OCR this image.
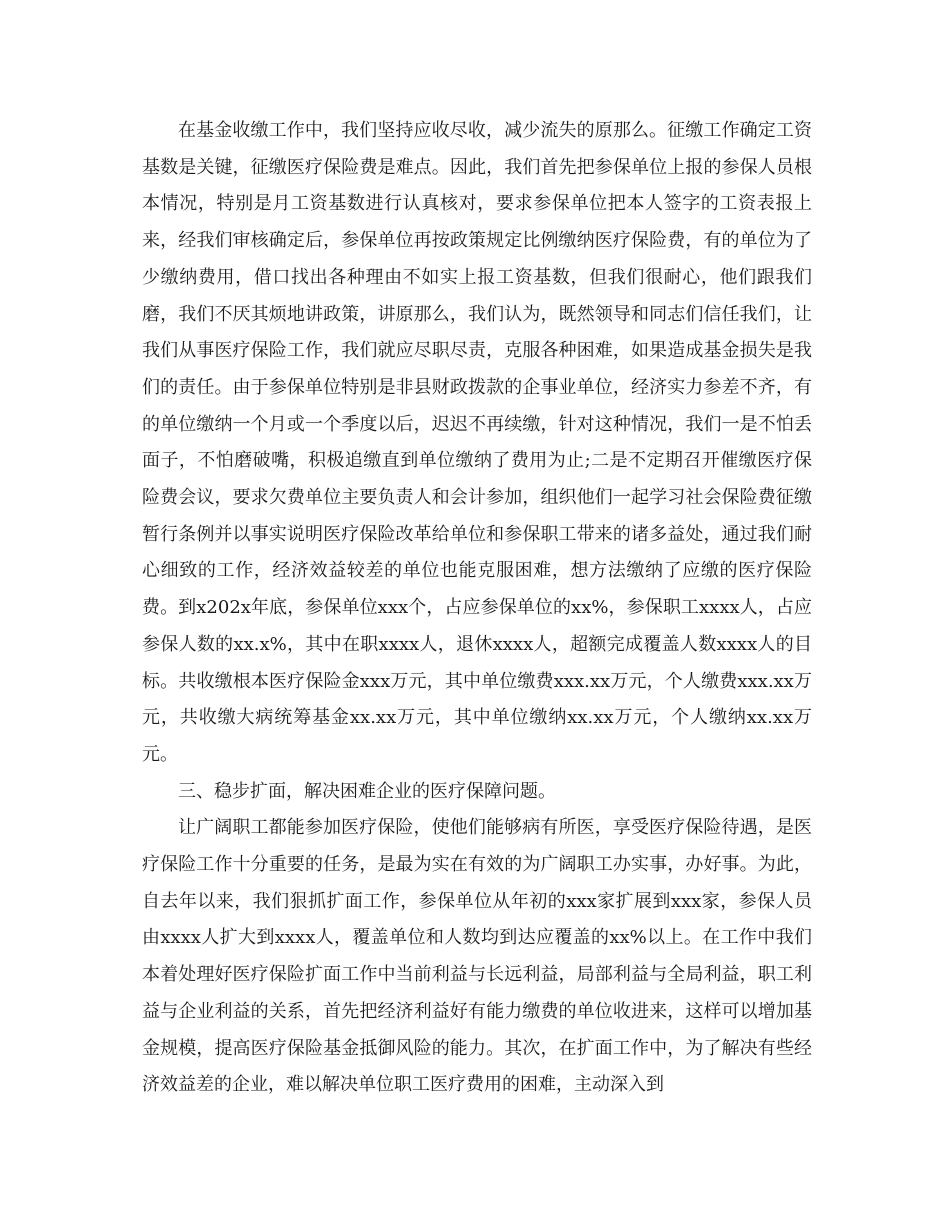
在基金收缴工作中，我们坚持应收尽收，减少流失的原那么。征缴工作确定工资基数是关键，征缴医疗保险费是难点。因此，我们首先把参保单位上报的参保人员根本情况，特别是月工资基数进行认真核对，要求参保单位把本人签字的工资表报上来，经我们审核确定后，参保单位再按政策规定比例缴纳医疗保险费，有的单位为了少缴纳费用，借口找出各种理由不如实上报工资基数，但我们很耐心，他们跟我们磨，我们不厌其烦地讲政策，讲原那么，我们认为，既然领导和同志们信任我们，让我们从事医疗保险工作，我们就应尽职尽责，克服各种困难，如果造成基金损失是我们的责任。由于参保单位特别是非县财政拨款的企事业单位，经济实力参差不齐，有的单位缴纳一个月或一个季度以后，迟迟不再续缴，针对这种情况，我们一是不怕丢面子，不怕磨破嘴，积极追缴直到单位缴纳了费用为止;二是不定期召开催缴医疗保险费会议，要求欠费单位主要负责人和会计参加，组织他们一起学习社会保险费征缴暂行条例并以事实说明医疗保险改革给单位和参保职工带来的诸多益处，通过我们耐心细致的工作，经济效益较差的单位也能克服困难，想方法缴纳了应缴的医疗保险费。到x202x年底，参保单位xxx个，占应参保单位的xx%，参保职工xxxx人，占应参保人数的xx.x%，其中在职xxxx人，退休xxxx人，超额完成覆盖人数xxxx人的目标。共收缴根本医疗保险金xxx万元，其中单位缴费xxx.xx万元，个人缴费xxx.xx万元，共收缴大病统筹基金xx.xx万元，其中单位缴纳xx.xx万元，个人缴纳xx.xx万元。

三、稳步扩面，解决困难企业的医疗保障问题。

让广阔职工都能参加医疗保险，使他们能够病有所医，享受医疗保险待遇，是医疗保险工作十分重要的任务，是最为实在有效的为广阔职工办实事，办好事。为此，自去年以来，我们狠抓扩面工作，参保单位从年初的xxx家扩展到xxx家，参保人员由xxxx人扩大到xxxx人，覆盖单位和人数均到达应覆盖的xx%以上。在工作中我们本着处理好医疗保险扩面工作中当前利益与长远利益，局部利益与全局利益，职工利益与企业利益的关系，首先把经济利益好有能力缴费的单位收进来，这样可以增加基金规模，提高医疗保险基金抵御风险的能力。其次，在扩面工作中，为了解决有些经济效益差的企业，难以解决单位职工医疗费用的困难，主动深入到
